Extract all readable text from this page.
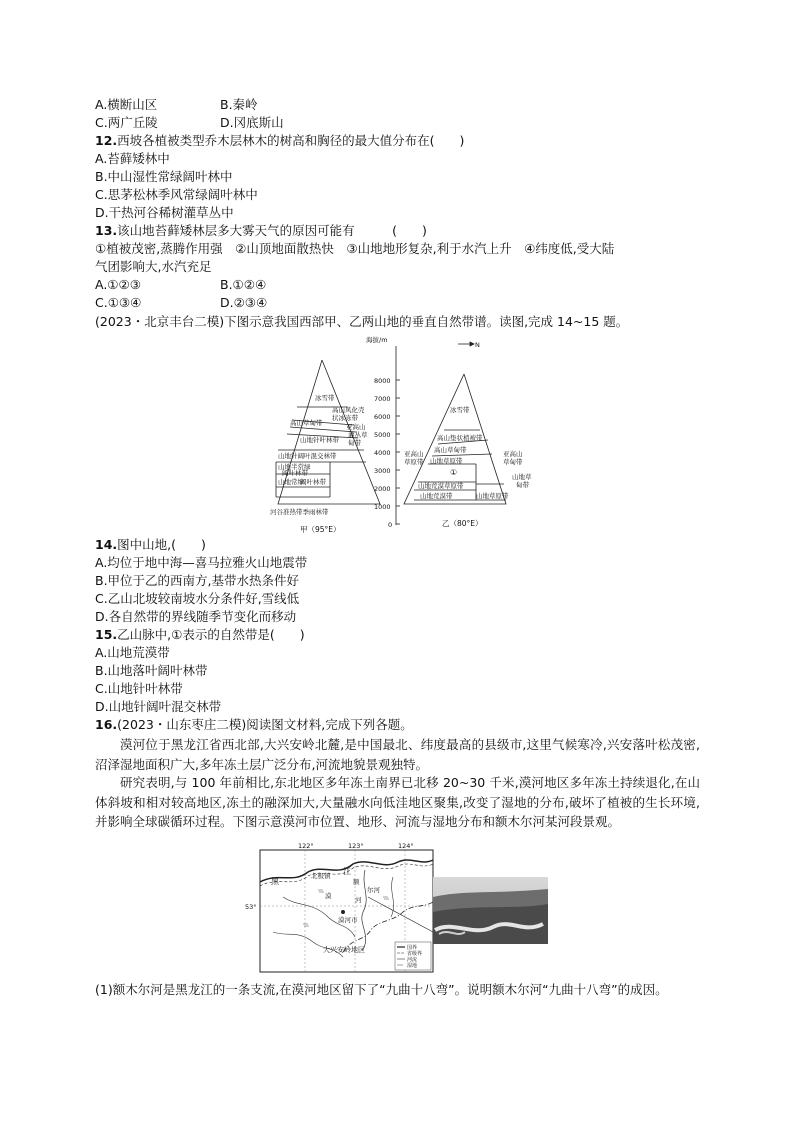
A.横断山区	B.秦岭
C.两广丘陵	D.冈底斯山
12.西坡各植被类型乔木层林木的树高和胸径的最大值分布在(　　)
A.苔藓矮林中
B.中山湿性常绿阔叶林中
C.思茅松林季风常绿阔叶林中
D.干热河谷稀树灌草丛中
13.该山地苔藓矮林层多大雾天气的原因可能有　　　(　　)
①植被茂密,蒸腾作用强　②山顶地面散热快　③山地地形复杂,利于水汽上升　④纬度低,受大陆
气团影响大,水汽充足
A.①②③	B.①②④
C.①③④	D.②③④
(2023・北京丰台二模)下图示意我国西部甲、乙两山地的垂直自然带谱。读图,完成 14~15 题。
冰雪带
高山草甸带
山地针叶林带
山地针阔叶混交林带
山地半常绿
阔叶林带
山地常绿
阔叶林带
河谷准热带季雨林带
高山风化壳
状冰冻带
亚高山
灌丛草
甸带
甲（95°E）
海拔/m
8000
7000
6000
5000
4000
3000
2000
1000
0
N
冰雪带
高山垫状植被带
高山草甸带
山地草原带
①
山地荒漠草原带
山地荒漠带	山地草原带
亚高山
草原带
亚高山
草甸带
山地草
甸带
乙（80°E）
14.图中山地,(　　)
A.均位于地中海—喜马拉雅火山地震带
B.甲位于乙的西南方,基带水热条件好
C.乙山北坡较南坡水分条件好,雪线低
D.各自然带的界线随季节变化而移动
15.乙山脉中,①表示的自然带是(　　)
A.山地荒漠带
B.山地落叶阔叶林带
C.山地针叶林带
D.山地针阔叶混交林带
16.(2023・山东枣庄二模)阅读图文材料,完成下列各题。
漠河位于黑龙江省西北部,大兴安岭北麓,是中国最北、纬度最高的县级市,这里气候寒冷,兴安落叶松茂密,沼泽湿地面积广大,多年冻土层广泛分布,河流地貌景观独特。
研究表明,与 100 年前相比,东北地区多年冻土南界已北移 20~30 千米,漠河地区多年冻土持续退化,在山体斜坡和相对较高地区,冻土的融深加大,大量融水向低洼地区聚集,改变了湿地的分布,破坏了植被的生长环境,并影响全球碳循环过程。下图示意漠河市位置、地形、河流与湿地分布和额木尔河某河段景观。
122°	123°	124°
53°
黑
北极镇 江
额
尔河
河
漠
漠河市
大兴安岭地区	国界
省级界
河流
湿地
(1)额木尔河是黑龙江的一条支流,在漠河地区留下了“九曲十八弯”。说明额木尔河“九曲十八弯”的成因。
